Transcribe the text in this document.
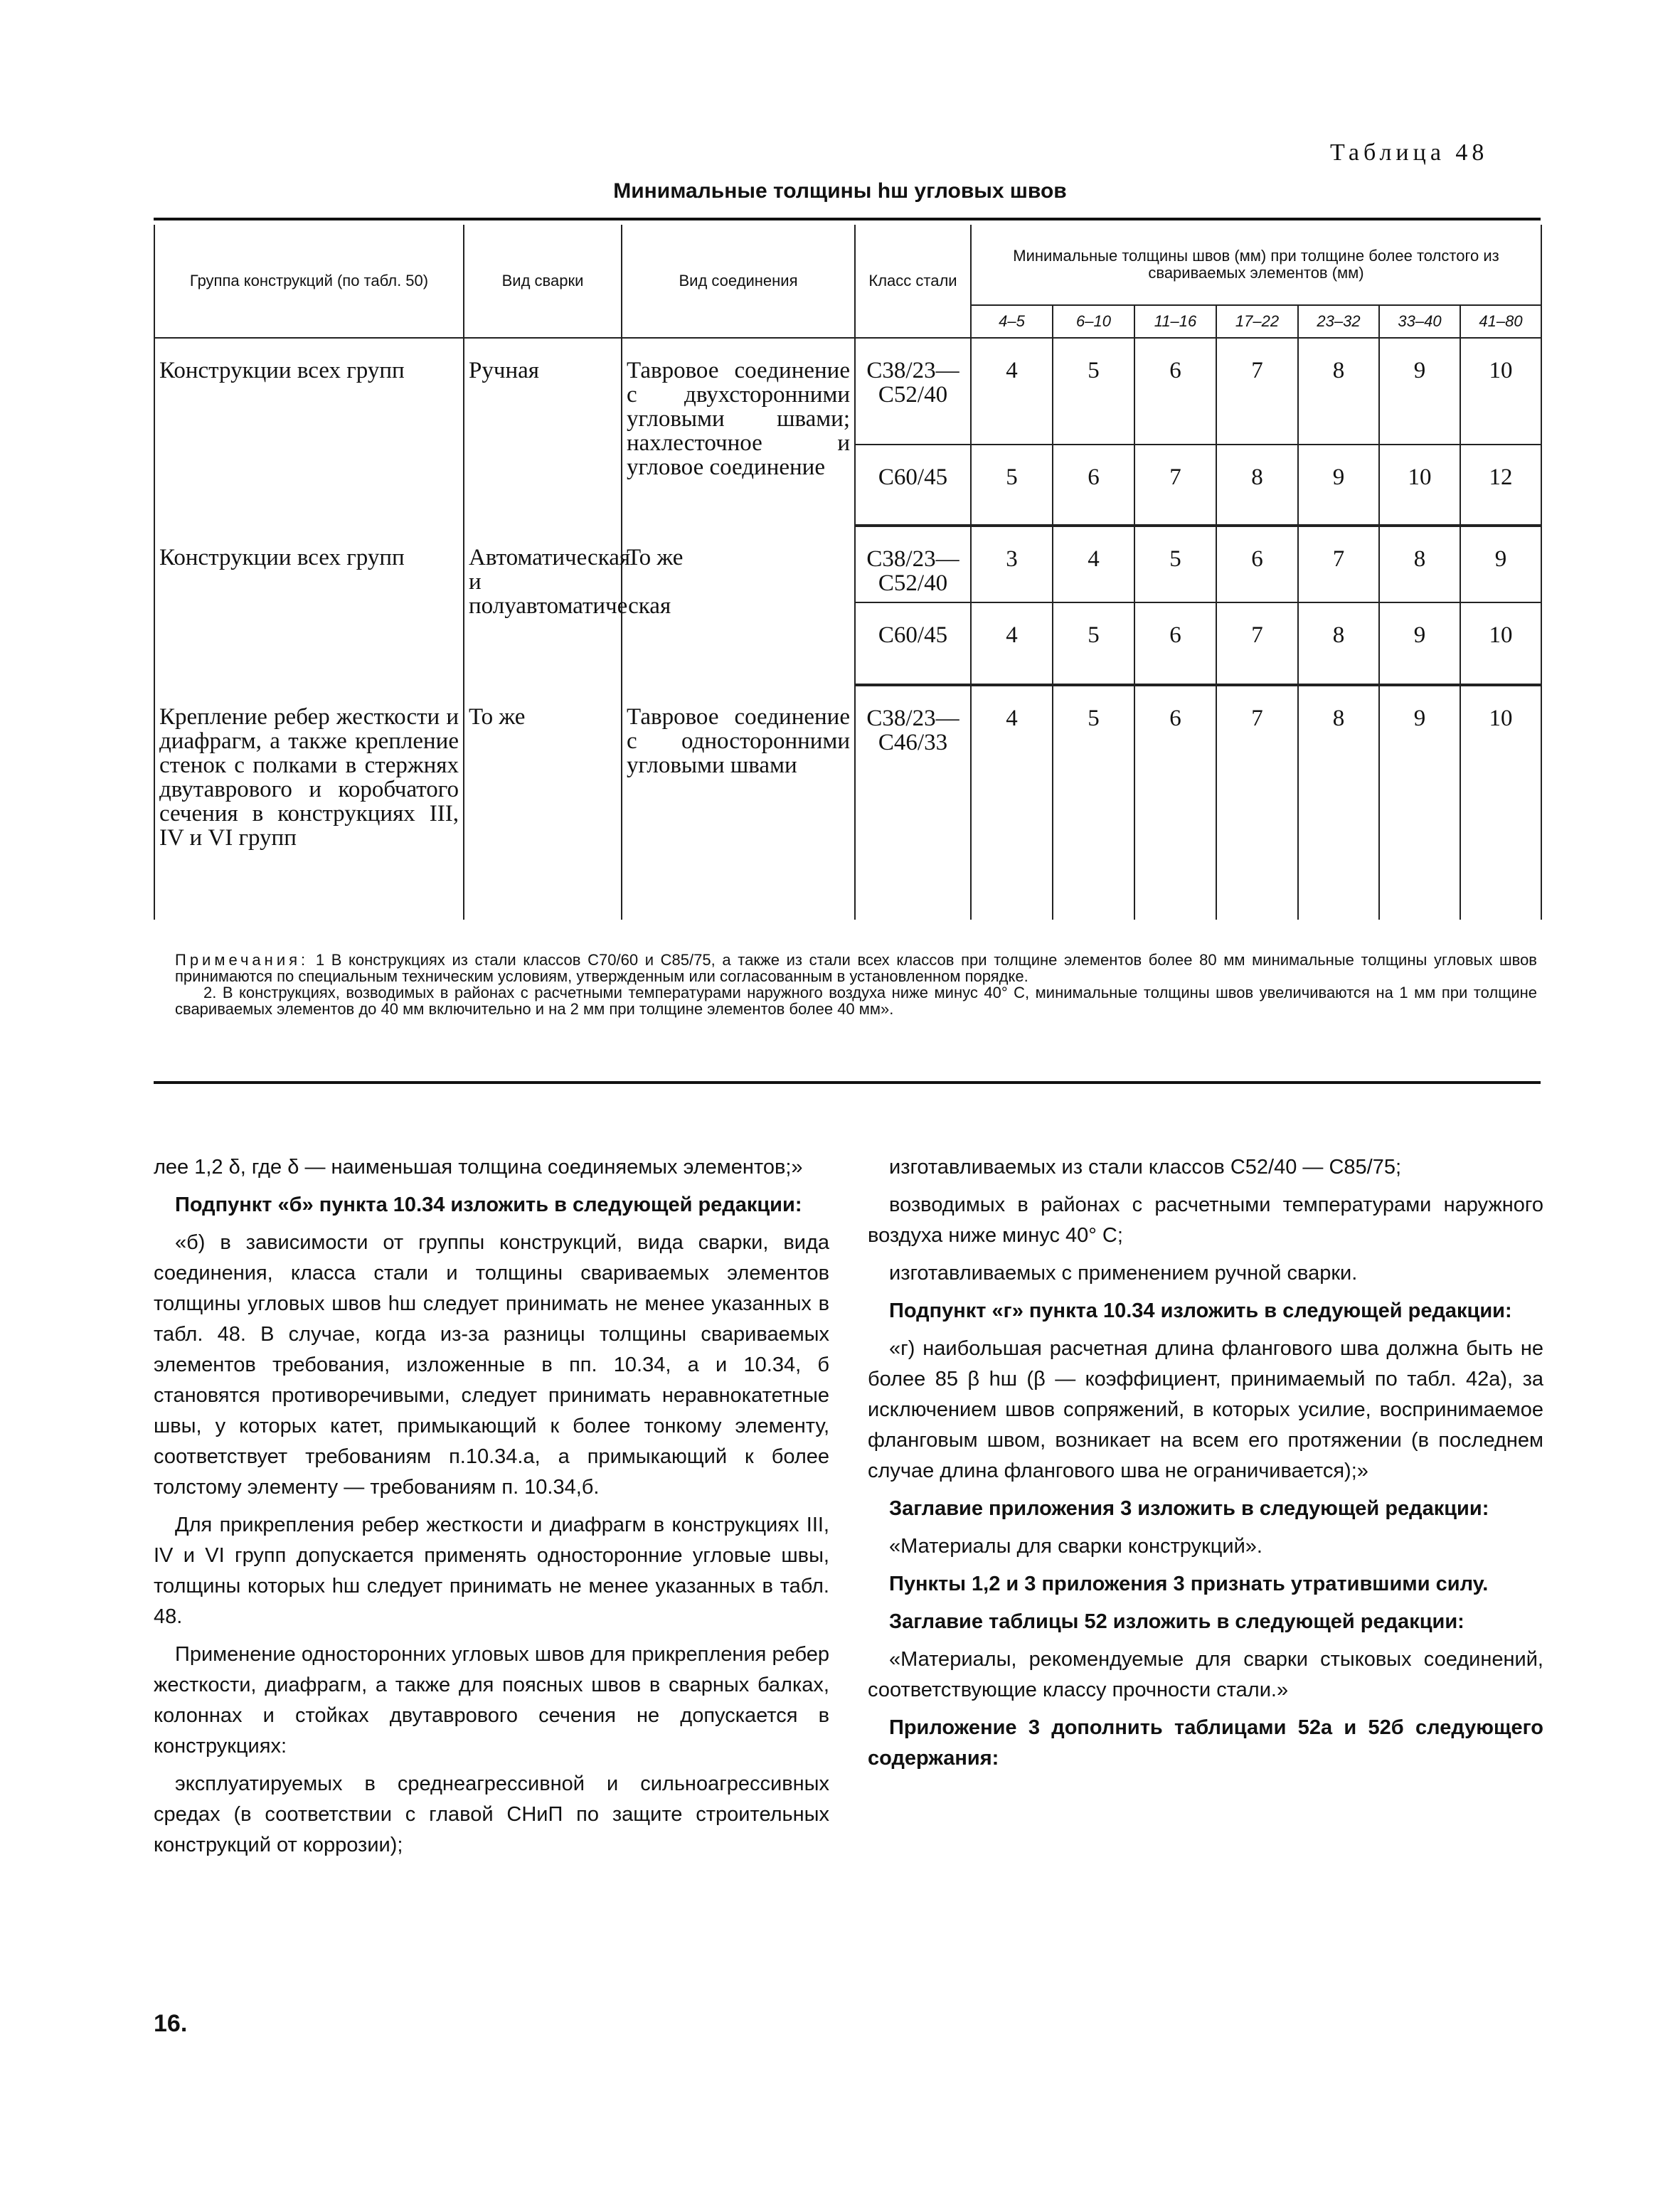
Таблица 48
Минимальные толщины hш угловых швов
Группа конструкций (по табл. 50)	Вид сварки	Вид соединения	Класс стали	Минимальные толщины швов (мм) при толщине более толстого из свариваемых элементов (мм)						
				4–5	6–10	11–16	17–22	23–32	33–40	41–80
Конструкции всех групп	Ручная	Тавровое соединение с двухсторонними угловыми швами; нахлесточное и угловое соединение	С38/23— С52/40	4	5	6	7	8	9	10
			С60/45	5	6	7	8	9	10	12
Конструкции всех групп	Автоматическая и полуавтоматическая	То же	С38/23— С52/40	3	4	5	6	7	8	9
			С60/45	4	5	6	7	8	9	10
Крепление ребер жесткости и диафрагм, а также крепление стенок с полками в стержнях двутаврового и коробчатого сечения в конструкциях III, IV и VI групп	То же	Тавровое соединение с односторонними угловыми швами	С38/23— С46/33	4	5	6	7	8	9	10

Примечания: 1 В конструкциях из стали классов С70/60 и С85/75, а также из стали всех классов при толщине элементов более 80 мм минимальные толщины угловых швов принимаются по специальным техническим условиям, утвержденным или согласованным в установленном порядке.

2. В конструкциях, возводимых в районах с расчетными температурами наружного воздуха ниже минус 40° С, минимальные толщины швов увеличиваются на 1 мм при толщине свариваемых элементов до 40 мм включительно и на 2 мм при толщине элементов более 40 мм».

лее 1,2 δ, где δ — наименьшая толщина соединяемых элементов;»

Подпункт «б» пункта 10.34 изложить в следующей редакции:

«б) в зависимости от группы конструкций, вида сварки, вида соединения, класса стали и толщины свариваемых элементов толщины угловых швов hш следует принимать не менее указанных в табл. 48. В случае, когда из-за разницы толщины свариваемых элементов требования, изложенные в пп. 10.34, а и 10.34, б становятся противоречивыми, следует принимать неравнокатетные швы, у которых катет, примыкающий к более тонкому элементу, соответствует требованиям п.10.34.а, а примыкающий к более толстому элементу — требованиям п. 10.34,б.

Для прикрепления ребер жесткости и диафрагм в конструкциях III, IV и VI групп допускается применять односторонние угловые швы, толщины которых hш следует принимать не менее указанных в табл. 48.

Применение односторонних угловых швов для прикрепления ребер жесткости, диафрагм, а также для поясных швов в сварных балках, колоннах и стойках двутаврового сечения не допускается в конструкциях:

эксплуатируемых в среднеагрессивной и сильноагрессивных средах (в соответствии с главой СНиП по защите строительных конструкций от коррозии);

изготавливаемых из стали классов С52/40 — С85/75;

возводимых в районах с расчетными температурами наружного воздуха ниже минус 40° С;

изготавливаемых с применением ручной сварки.

Подпункт «г» пункта 10.34 изложить в следующей редакции:

«г) наибольшая расчетная длина флангового шва должна быть не более 85 β hш (β — коэффициент, принимаемый по табл. 42а), за исключением швов сопряжений, в которых усилие, воспринимаемое фланговым швом, возникает на всем его протяжении (в последнем случае длина флангового шва не ограничивается);»

Заглавие приложения 3 изложить в следующей редакции:

«Материалы для сварки конструкций».

Пункты 1,2 и 3 приложения 3 признать утратившими силу.

Заглавие таблицы 52 изложить в следующей редакции:

«Материалы, рекомендуемые для сварки стыковых соединений, соответствующие классу прочности стали.»

Приложение 3 дополнить таблицами 52а и 52б следующего содержания:

16.
